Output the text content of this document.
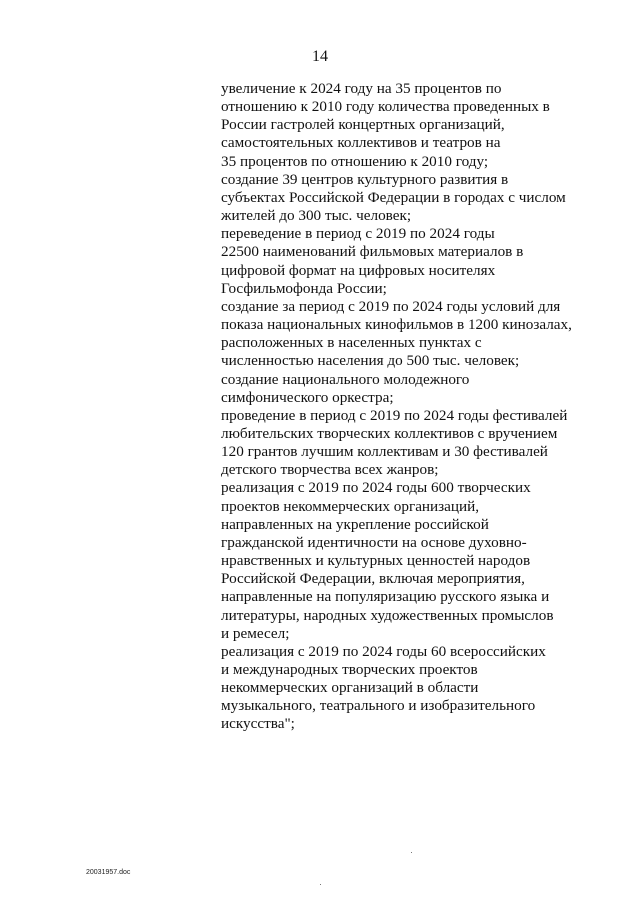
14
увеличение к 2024 году на 35 процентов по
отношению к 2010 году количества проведенных в
России гастролей концертных организаций,
самостоятельных коллективов и театров на
35 процентов по отношению к 2010 году;
создание 39 центров культурного развития в
субъектах Российской Федерации в городах с числом
жителей до 300 тыс. человек;
переведение в период с 2019 по 2024 годы
22500 наименований фильмовых материалов в
цифровой формат на цифровых носителях
Госфильмофонда России;
создание за период с 2019 по 2024 годы условий для
показа национальных кинофильмов в 1200 кинозалах,
расположенных в населенных пунктах с
численностью населения до 500 тыс. человек;
создание национального молодежного
симфонического оркестра;
проведение в период с 2019 по 2024 годы фестивалей
любительских творческих коллективов с вручением
120 грантов лучшим коллективам и 30 фестивалей
детского творчества всех жанров;
реализация с 2019 по 2024 годы 600 творческих
проектов некоммерческих организаций,
направленных на укрепление российской
гражданской идентичности на основе духовно-
нравственных и культурных ценностей народов
Российской Федерации, включая мероприятия,
направленные на популяризацию русского языка и
литературы, народных художественных промыслов
и ремесел;
реализация с 2019 по 2024 годы 60 всероссийских
и международных творческих проектов
некоммерческих организаций в области
музыкального, театрального и изобразительного
искусства";
20031957.doc
